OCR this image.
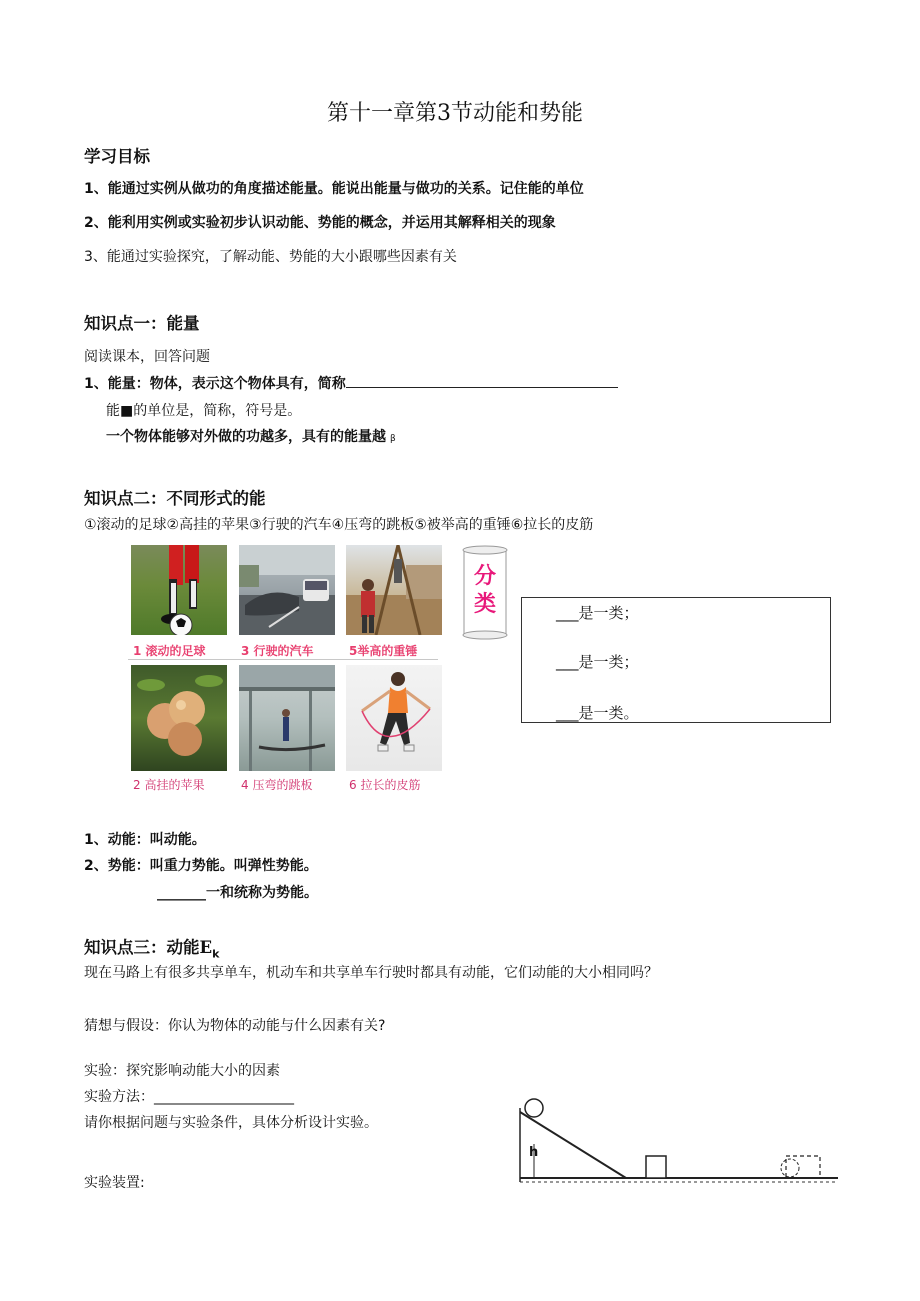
第十一章第3节动能和势能
学习目标
1、能通过实例从做功的角度描述能量。能说出能量与做功的关系。记住能的单位
2、能利用实例或实验初步认识动能、势能的概念，并运用其解释相关的现象
3、能通过实验探究，了解动能、势能的大小跟哪些因素有关
知识点一：能量
阅读课本，回答问题
1、能量：物体，表示这个物体具有，简称
能■的单位是，简称，符号是。
一个物体能够对外做的功越多，具有的能量越 β
知识点二：不同形式的能
①滚动的足球②高挂的苹果③行驶的汽车④压弯的跳板⑤被举高的重锤⑥拉长的皮筋
分类
1 滚动的足球	3 行驶的汽车	5举高的重锤
2 高挂的苹果	4 压弯的跳板	6 拉长的皮筋
___是一类；
___是一类；
___是一类。
1、动能：叫动能。
2、势能：叫重力势能。叫弹性势能。
_______一和统称为势能。
知识点三：动能$E_k$
现在马路上有很多共享单车，机动车和共享单车行驶时都具有动能，它们动能的大小相同吗？
猜想与假设：你认为物体的动能与什么因素有关?
实验：探究影响动能大小的因素
实验方法：____________________
请你根据问题与实验条件，具体分析设计实验。
实验装置:
h
